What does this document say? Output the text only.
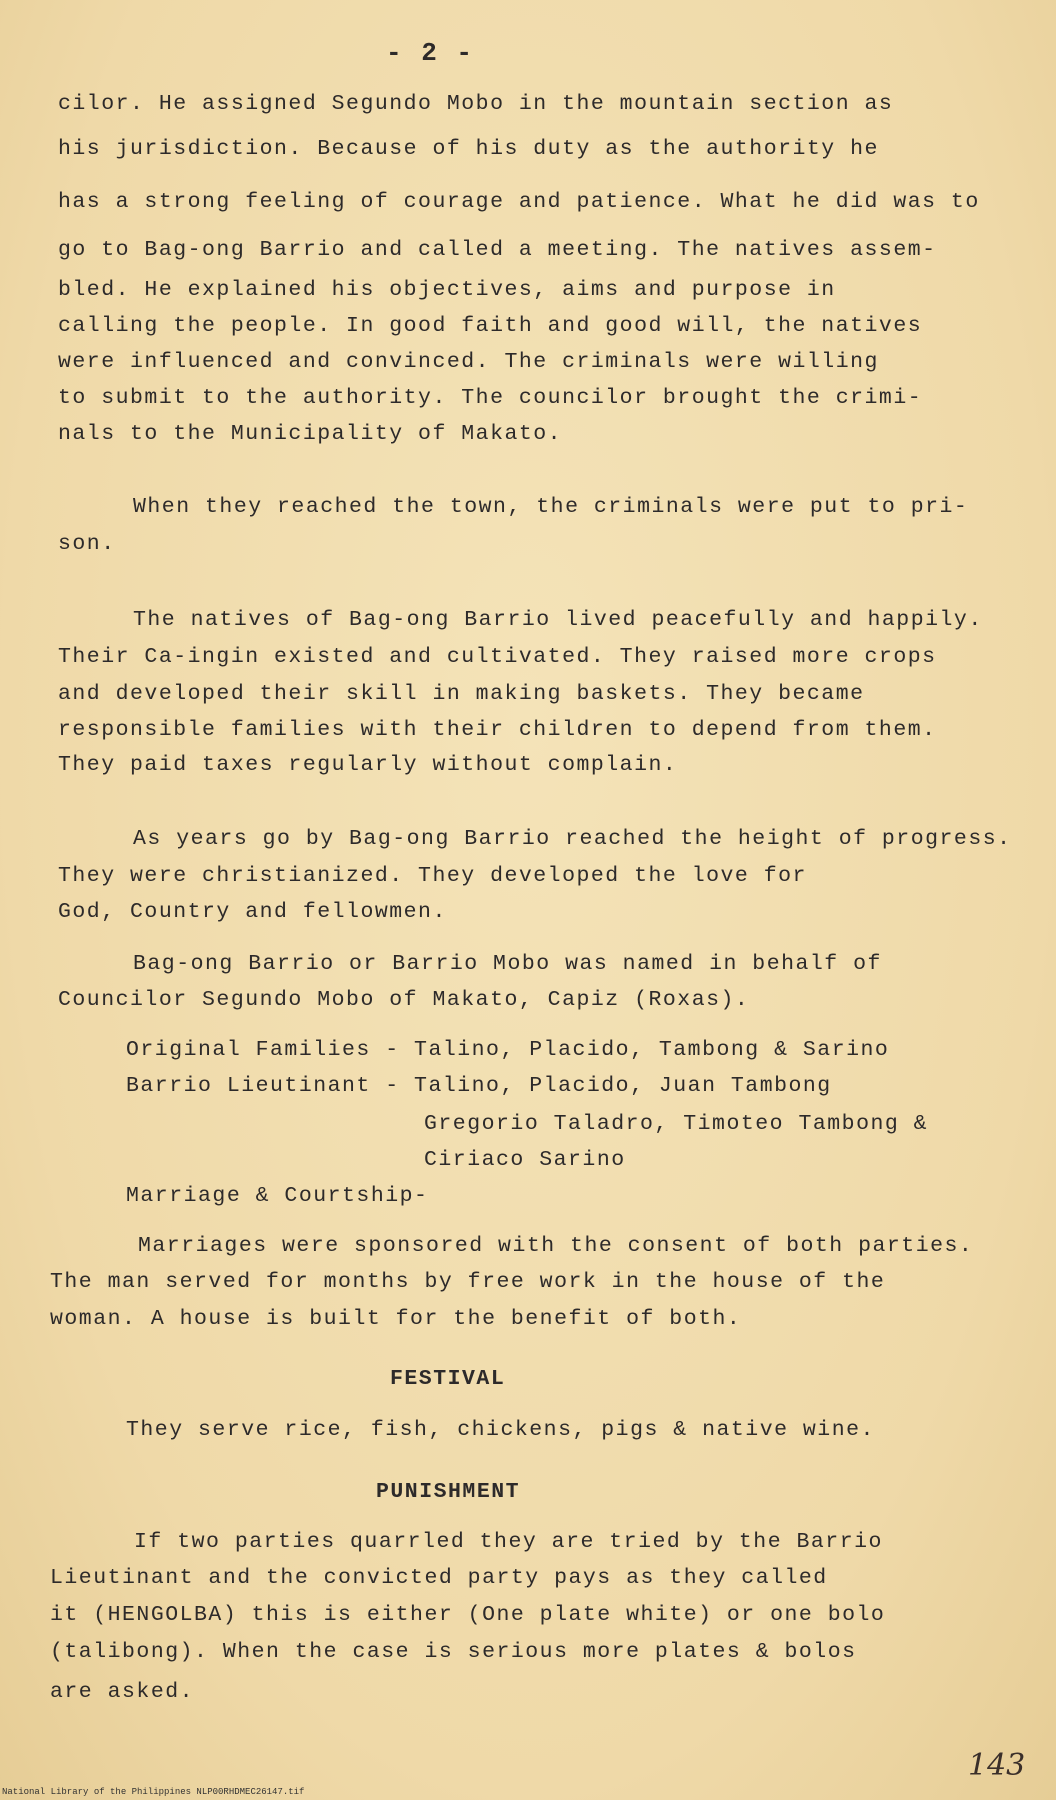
- 2 -
cilor. He assigned Segundo Mobo in the mountain section as
his jurisdiction. Because of his duty as the authority he
has a strong feeling of courage and patience. What he did was to
go to Bag-ong Barrio and called a meeting. The natives assem-
bled. He explained his objectives, aims and purpose in
calling the people. In good faith and good will, the natives
were influenced and convinced. The criminals were willing
to submit to the authority. The councilor brought the crimi-
nals to the Municipality of Makato.
When they reached the town, the criminals were put to pri-
son.
The natives of Bag-ong Barrio lived peacefully and happily.
Their Ca-ingin existed and cultivated. They raised more crops
and developed their skill in making baskets. They became
responsible families with their children to depend from them.
They paid taxes regularly without complain.
As years go by Bag-ong Barrio reached the height of progress.
They were christianized. They developed the love for
God, Country and fellowmen.
Bag-ong Barrio or Barrio Mobo was named in behalf of
Councilor Segundo Mobo of Makato, Capiz (Roxas).
Original Families - Talino, Placido, Tambong & Sarino
Barrio Lieutinant - Talino, Placido, Juan Tambong
Gregorio Taladro, Timoteo Tambong &
Ciriaco Sarino
Marriage & Courtship-
Marriages were sponsored with the consent of both parties.
The man served for months by free work in the house of the
woman. A house is built for the benefit of both.
FESTIVAL
They serve rice, fish, chickens, pigs & native wine.
PUNISHMENT
If two parties quarrled they are tried by the Barrio
Lieutinant and the convicted party pays as they called
it (HENGOLBA) this is either (One plate white) or one bolo
(talibong). When the case is serious more plates & bolos
are asked.
143
National Library of the Philippines NLP00RHDMEC26147.tif
